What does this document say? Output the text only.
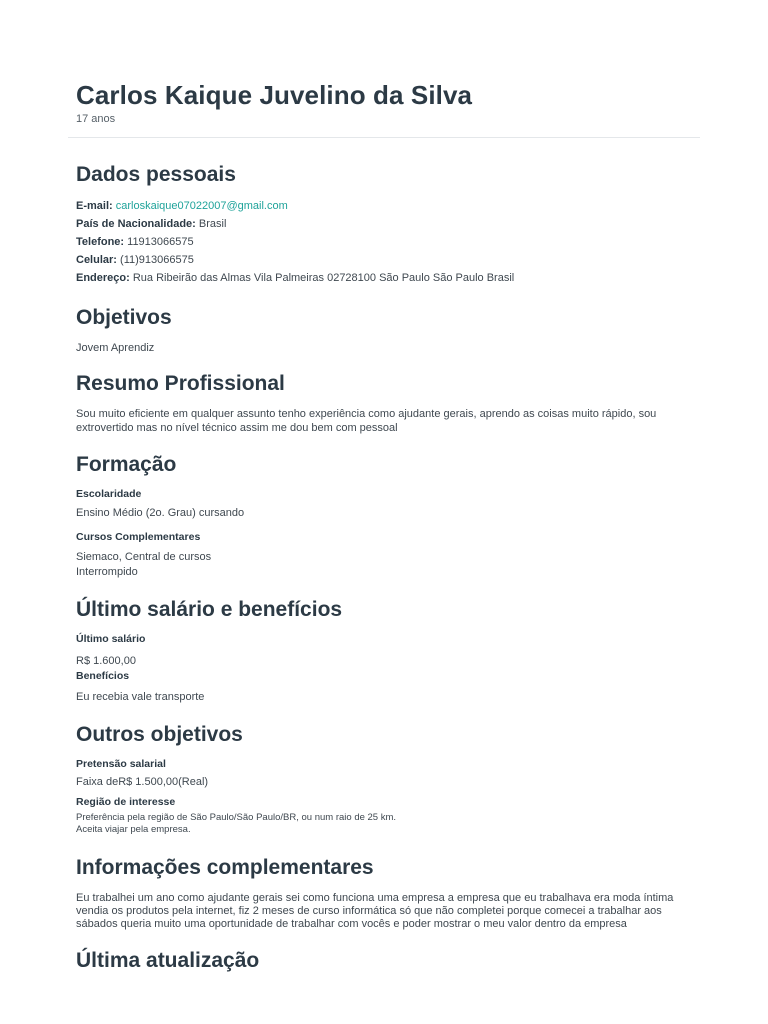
Carlos Kaique Juvelino da Silva
17 anos
Dados pessoais
E-mail: carloskaique07022007@gmail.com
País de Nacionalidade: Brasil
Telefone: 11913066575
Celular: (11)913066575
Endereço: Rua Ribeirão das Almas Vila Palmeiras 02728100 São Paulo São Paulo Brasil
Objetivos
Jovem Aprendiz
Resumo Profissional
Sou muito eficiente em qualquer assunto tenho experiência como ajudante gerais, aprendo as coisas muito rápido, sou
extrovertido mas no nível técnico assim me dou bem com pessoal
Formação
Escolaridade
Ensino Médio (2o. Grau) cursando
Cursos Complementares
Siemaco, Central de cursos
Interrompido
Último salário e benefícios
Último salário
R$ 1.600,00
Benefícios
Eu recebia vale transporte
Outros objetivos
Pretensão salarial
Faixa deR$ 1.500,00(Real)
Região de interesse
Preferência pela região de São Paulo/São Paulo/BR, ou num raio de 25 km.
Aceita viajar pela empresa.
Informações complementares
Eu trabalhei um ano como ajudante gerais sei como funciona uma empresa a empresa que eu trabalhava era moda íntima
vendia os produtos pela internet, fiz 2 meses de curso informática só que não completei porque comecei a trabalhar aos
sábados queria muito uma oportunidade de trabalhar com vocês e poder mostrar o meu valor dentro da empresa
Última atualização
